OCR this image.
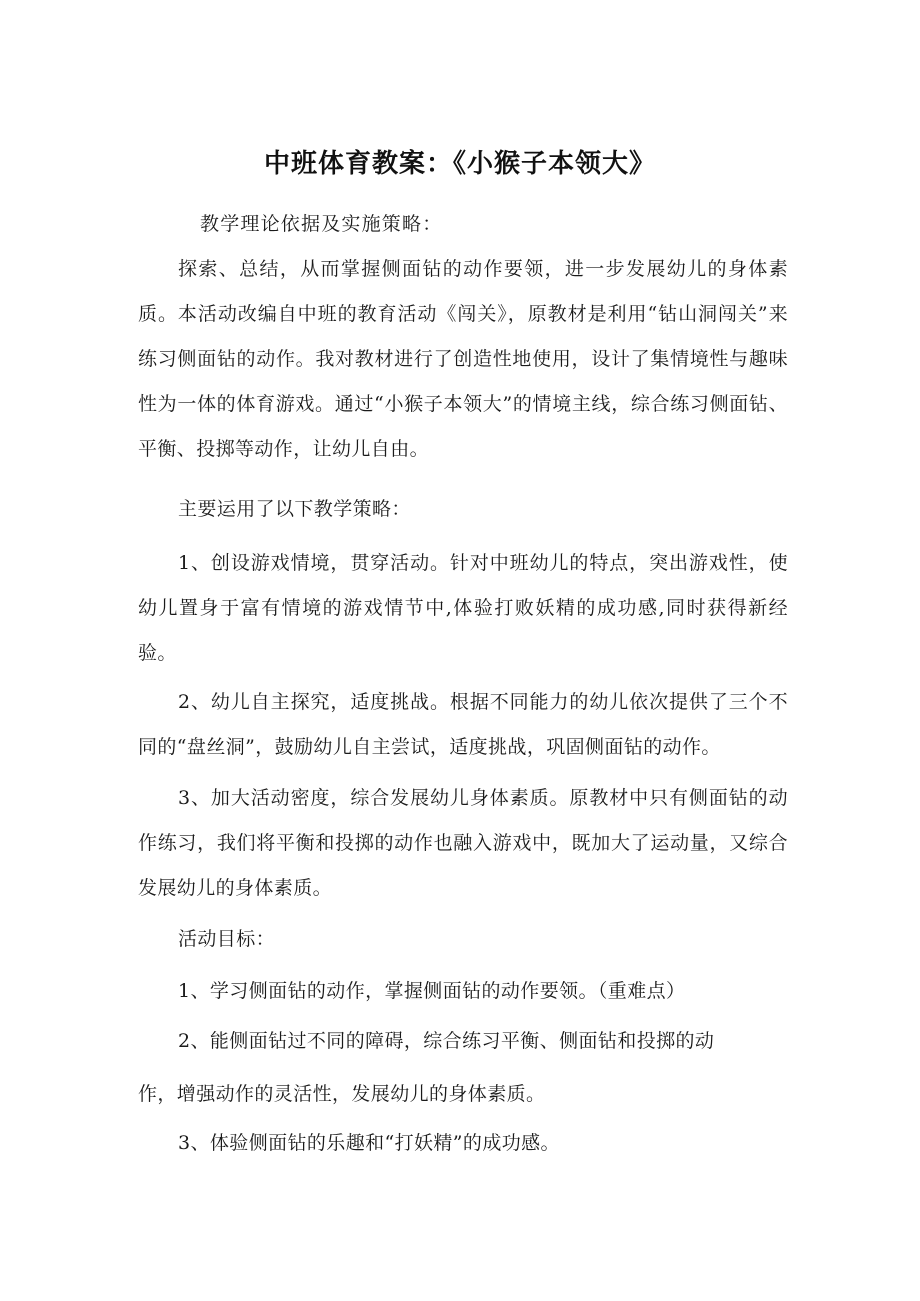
中班体育教案：《小猴子本领大》

教学理论依据及实施策略：

探索、总结，从而掌握侧面钻的动作要领，进一步发展幼儿的身体素质。本活动改编自中班的教育活动《闯关》，原教材是利用“钻山洞闯关”来练习侧面钻的动作。我对教材进行了创造性地使用，设计了集情境性与趣味性为一体的体育游戏。通过“小猴子本领大”的情境主线，综合练习侧面钻、平衡、投掷等动作，让幼儿自由。

主要运用了以下教学策略：

1、创设游戏情境，贯穿活动。针对中班幼儿的特点，突出游戏性，使幼儿置身于富有情境的游戏情节中,体验打败妖精的成功感,同时获得新经验。

2、幼儿自主探究，适度挑战。根据不同能力的幼儿依次提供了三个不同的“盘丝洞”，鼓励幼儿自主尝试，适度挑战，巩固侧面钻的动作。

3、加大活动密度，综合发展幼儿身体素质。原教材中只有侧面钻的动作练习，我们将平衡和投掷的动作也融入游戏中，既加大了运动量，又综合发展幼儿的身体素质。

活动目标：

1、学习侧面钻的动作，掌握侧面钻的动作要领。（重难点）

2、能侧面钻过不同的障碍，综合练习平衡、侧面钻和投掷的动

作，增强动作的灵活性，发展幼儿的身体素质。

3、体验侧面钻的乐趣和“打妖精”的成功感。
